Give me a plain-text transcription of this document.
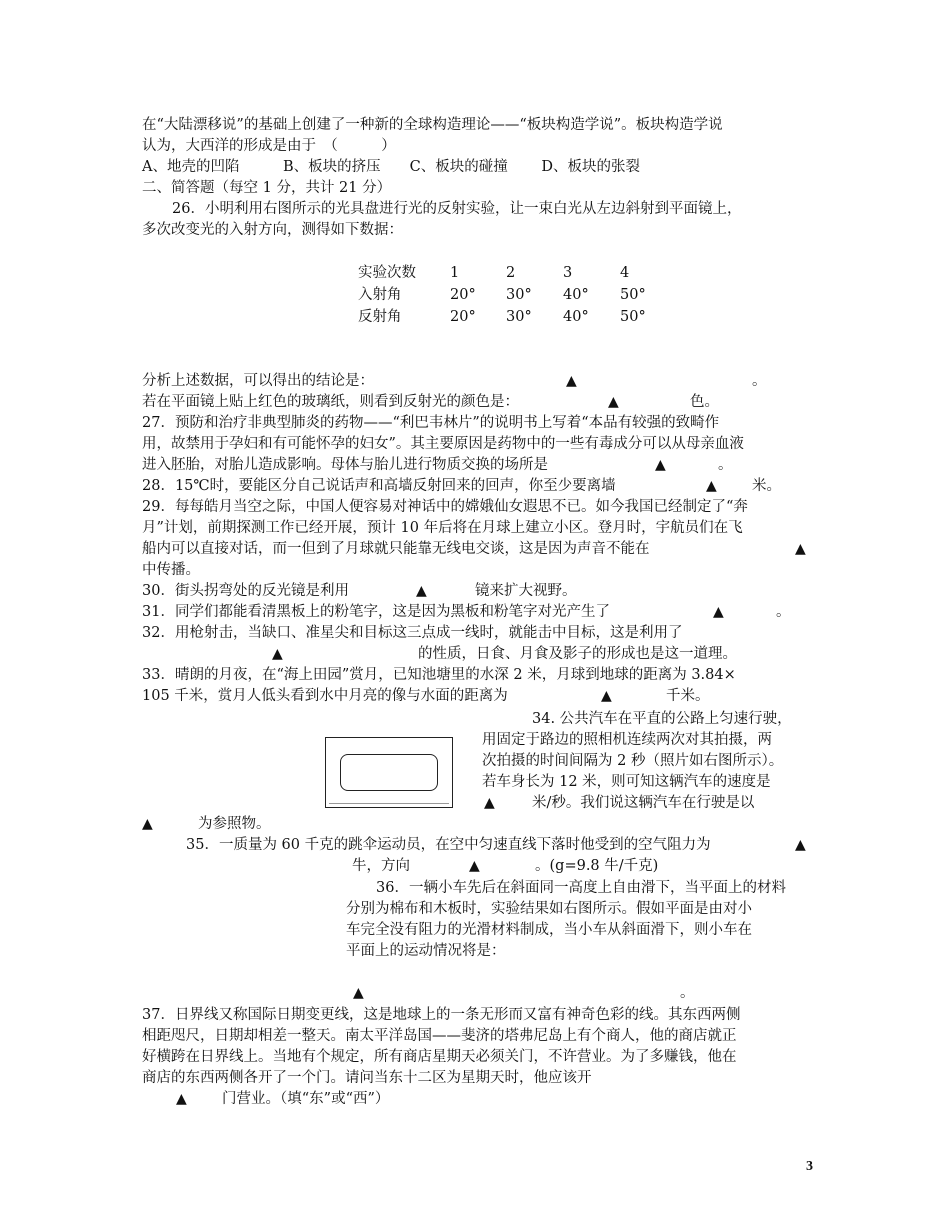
在“大陆漂移说”的基础上创建了一种新的全球构造理论——“板块构造学说”。板块构造学说
认为，大西洋的形成是由于　（　　　）
A、地壳的凹陷　　　B、板块的挤压　　C、板块的碰撞　　 D、板块的张裂
二、简答题（每空 1 分，共计 21 分）
26．小明利用右图所示的光具盘进行光的反射实验，让一束白光从左边斜射到平面镜上，
多次改变光的入射方向，测得如下数据：
实验次数 1	2	3	4
入射角	20° 30° 40° 50°
反射角	20° 30° 40° 50°
分析上述数据，可以得出的结论是：	▲	。
若在平面镜上贴上红色的玻璃纸，则看到反射光的颜色是：	▲	色。
27．预防和治疗非典型肺炎的药物——“利巴韦林片”的说明书上写着“本品有较强的致畸作
用，故禁用于孕妇和有可能怀孕的妇女”。其主要原因是药物中的一些有毒成分可以从母亲血液
进入胚胎，对胎儿造成影响。母体与胎儿进行物质交换的场所是	▲	。
28．15℃时，要能区分自己说话声和高墙反射回来的回声，你至少要离墙	▲ 米。
29．每每皓月当空之际，中国人便容易对神话中的嫦娥仙女遐思不已。如今我国已经制定了“奔
月”计划，前期探测工作已经开展，预计 10 年后将在月球上建立小区。登月时，宇航员们在飞
船内可以直接对话，而一但到了月球就只能靠无线电交谈，这是因为声音不能在	▲
中传播。
30．街头拐弯处的反光镜是利用	▲	镜来扩大视野。
31．同学们都能看清黑板上的粉笔字，这是因为黑板和粉笔字对光产生了	▲	。
32．用枪射击，当缺口、准星尖和目标这三点成一线时，就能击中目标，这是利用了
▲	的性质，日食、月食及影子的形成也是这一道理。
33．晴朗的月夜，在“海上田园”赏月，已知池塘里的水深 2 米，月球到地球的距离为 3.84×
105 千米，赏月人低头看到水中月亮的像与水面的距离为	▲	千米。
34. 公共汽车在平直的公路上匀速行驶，
用固定于路边的照相机连续两次对其拍摄，两
次拍摄的时间间隔为 2 秒（照片如右图所示）。
若车身长为 12 米，则可知这辆汽车的速度是
▲	米/秒。我们说这辆汽车在行驶是以
▲	为参照物。
35．一质量为 60 千克的跳伞运动员，在空中匀速直线下落时他受到的空气阻力为	▲
牛，方向	▲	。(g=9.8 牛/千克)
36．一辆小车先后在斜面同一高度上自由滑下，当平面上的材料
分别为棉布和木板时，实验结果如右图所示。假如平面是由对小
车完全没有阻力的光滑材料制成，当小车从斜面滑下，则小车在
平面上的运动情况将是：
▲	。
37．日界线又称国际日期变更线，这是地球上的一条无形而又富有神奇色彩的线。其东西两侧
相距咫尺，日期却相差一整天。南太平洋岛国——斐济的塔弗尼岛上有个商人，他的商店就正
好横跨在日界线上。当地有个规定，所有商店星期天必须关门，不许营业。为了多赚钱，他在
商店的东西两侧各开了一个门。请问当东十二区为星期天时，他应该开
▲ 门营业。（填“东”或“西”）
3
